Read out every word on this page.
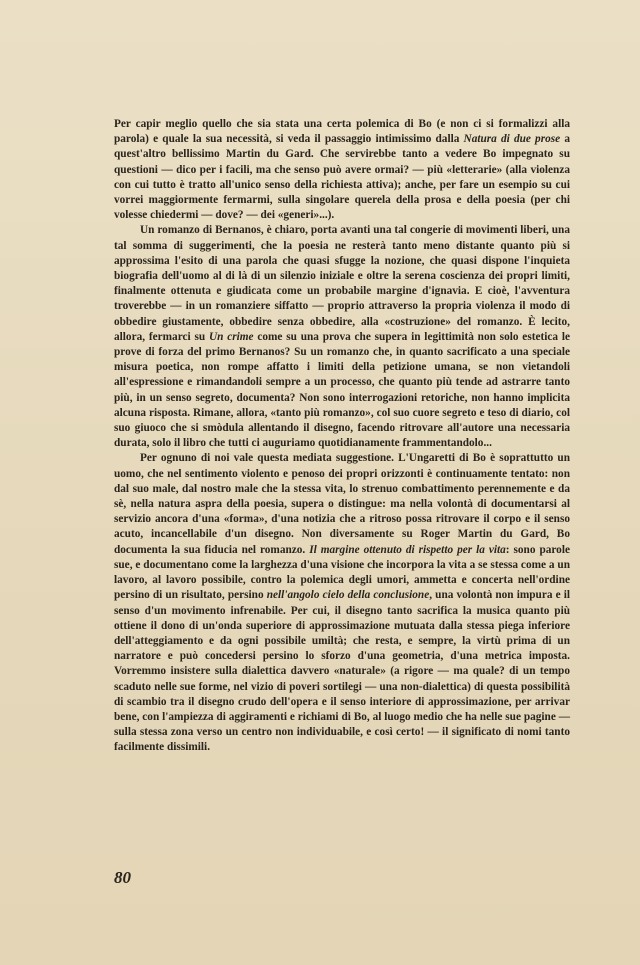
Per capir meglio quello che sia stata una certa polemica di Bo (e non ci si formalizzi alla parola) e quale la sua necessità, si veda il passaggio intimissimo dalla Natura di due prose a quest'altro bellissimo Martin du Gard. Che servirebbe tanto a vedere Bo impegnato su questioni — dico per i facili, ma che senso può avere ormai? — più «letterarie» (alla violenza con cui tutto è tratto all'unico senso della richiesta attiva); anche, per fare un esempio su cui vorrei maggiormente fermarmi, sulla singolare querela della prosa e della poesia (per chi volesse chiedermi — dove? — dei «generi»...).

Un romanzo di Bernanos, è chiaro, porta avanti una tal congerie di movimenti liberi, una tal somma di suggerimenti, che la poesia ne resterà tanto meno distante quanto più si approssima l'esito di una parola che quasi sfugge la nozione, che quasi dispone l'inquieta biografia dell'uomo al di là di un silenzio iniziale e oltre la serena coscienza dei propri limiti, finalmente ottenuta e giudicata come un probabile margine d'ignavia. E cioè, l'avventura troverebbe — in un romanziere siffatto — proprio attraverso la propria violenza il modo di obbedire giustamente, obbedire senza obbedire, alla «costruzione» del romanzo. È lecito, allora, fermarci su Un crime come su una prova che supera in legittimità non solo estetica le prove di forza del primo Bernanos? Su un romanzo che, in quanto sacrificato a una speciale misura poetica, non rompe affatto i limiti della petizione umana, se non vietandoli all'espressione e rimandandoli sempre a un processo, che quanto più tende ad astrarre tanto più, in un senso segreto, documenta? Non sono interrogazioni retoriche, non hanno implicita alcuna risposta. Rimane, allora, «tanto più romanzo», col suo cuore segreto e teso di diario, col suo giuoco che si smòdula allentando il disegno, facendo ritrovare all'autore una necessaria durata, solo il libro che tutti ci auguriamo quotidianamente frammentandolo...

Per ognuno di noi vale questa mediata suggestione. L'Ungaretti di Bo è soprattutto un uomo, che nel sentimento violento e penoso dei propri orizzonti è continuamente tentato: non dal suo male, dal nostro male che la stessa vita, lo strenuo combattimento perennemente e da sè, nella natura aspra della poesia, supera o distingue: ma nella volontà di documentarsi al servizio ancora d'una «forma», d'una notizia che a ritroso possa ritrovare il corpo e il senso acuto, incancellabile d'un disegno. Non diversamente su Roger Martin du Gard, Bo documenta la sua fiducia nel romanzo. Il margine ottenuto di rispetto per la vita: sono parole sue, e documentano come la larghezza d'una visione che incorpora la vita a se stessa come a un lavoro, al lavoro possibile, contro la polemica degli umori, ammetta e concerta nell'ordine persino di un risultato, persino nell'angolo cielo della conclusione, una volontà non impura e il senso d'un movimento infrenabile. Per cui, il disegno tanto sacrifica la musica quanto più ottiene il dono di un'onda superiore di approssimazione mutuata dalla stessa piega inferiore dell'atteggiamento e da ogni possibile umiltà; che resta, e sempre, la virtù prima di un narratore e può concedersi persino lo sforzo d'una geometria, d'una metrica imposta. Vorremmo insistere sulla dialettica davvero «naturale» (a rigore — ma quale? di un tempo scaduto nelle sue forme, nel vizio di poveri sortilegi — una non-dialettica) di questa possibilità di scambio tra il disegno crudo dell'opera e il senso interiore di approssimazione, per arrivar bene, con l'ampiezza di aggiramenti e richiami di Bo, al luogo medio che ha nelle sue pagine — sulla stessa zona verso un centro non individuabile, e così certo! — il significato di nomi tanto facilmente dissimili.

80
